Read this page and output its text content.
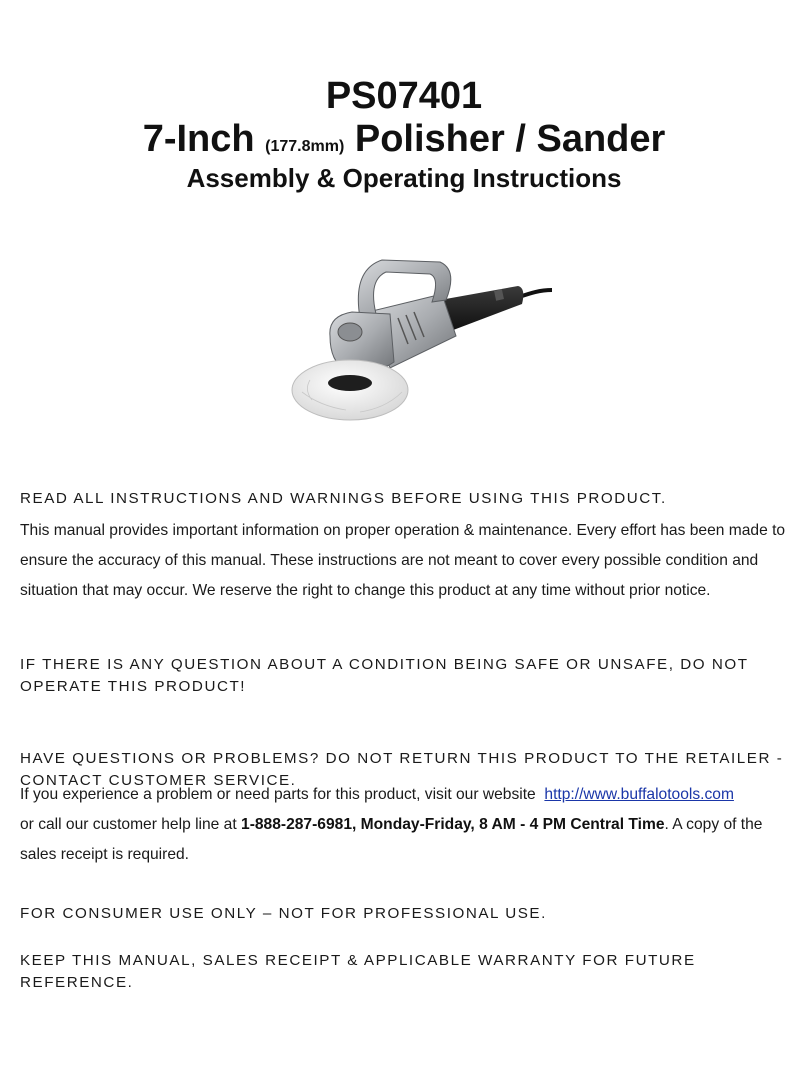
PS07401
7-Inch (177.8mm) Polisher / Sander
Assembly & Operating Instructions
READ ALL INSTRUCTIONS AND WARNINGS BEFORE USING THIS PRODUCT.
This manual provides important information on proper operation & maintenance. Every effort has been made to ensure the accuracy of this manual. These instructions are not meant to cover every possible condition and situation that may occur. We reserve the right to change this product at any time without prior notice.
IF THERE IS ANY QUESTION ABOUT A CONDITION BEING SAFE OR UNSAFE, DO NOT OPERATE THIS PRODUCT!
HAVE QUESTIONS OR PROBLEMS? DO NOT RETURN THIS PRODUCT TO THE RETAILER - CONTACT CUSTOMER SERVICE.
If you experience a problem or need parts for this product, visit our website http://www.buffalotools.com
or call our customer help line at 1-888-287-6981, Monday-Friday, 8 AM - 4 PM Central Time. A copy of the sales receipt is required.
FOR CONSUMER USE ONLY – NOT FOR PROFESSIONAL USE.
KEEP THIS MANUAL, SALES RECEIPT & APPLICABLE WARRANTY FOR FUTURE REFERENCE.
